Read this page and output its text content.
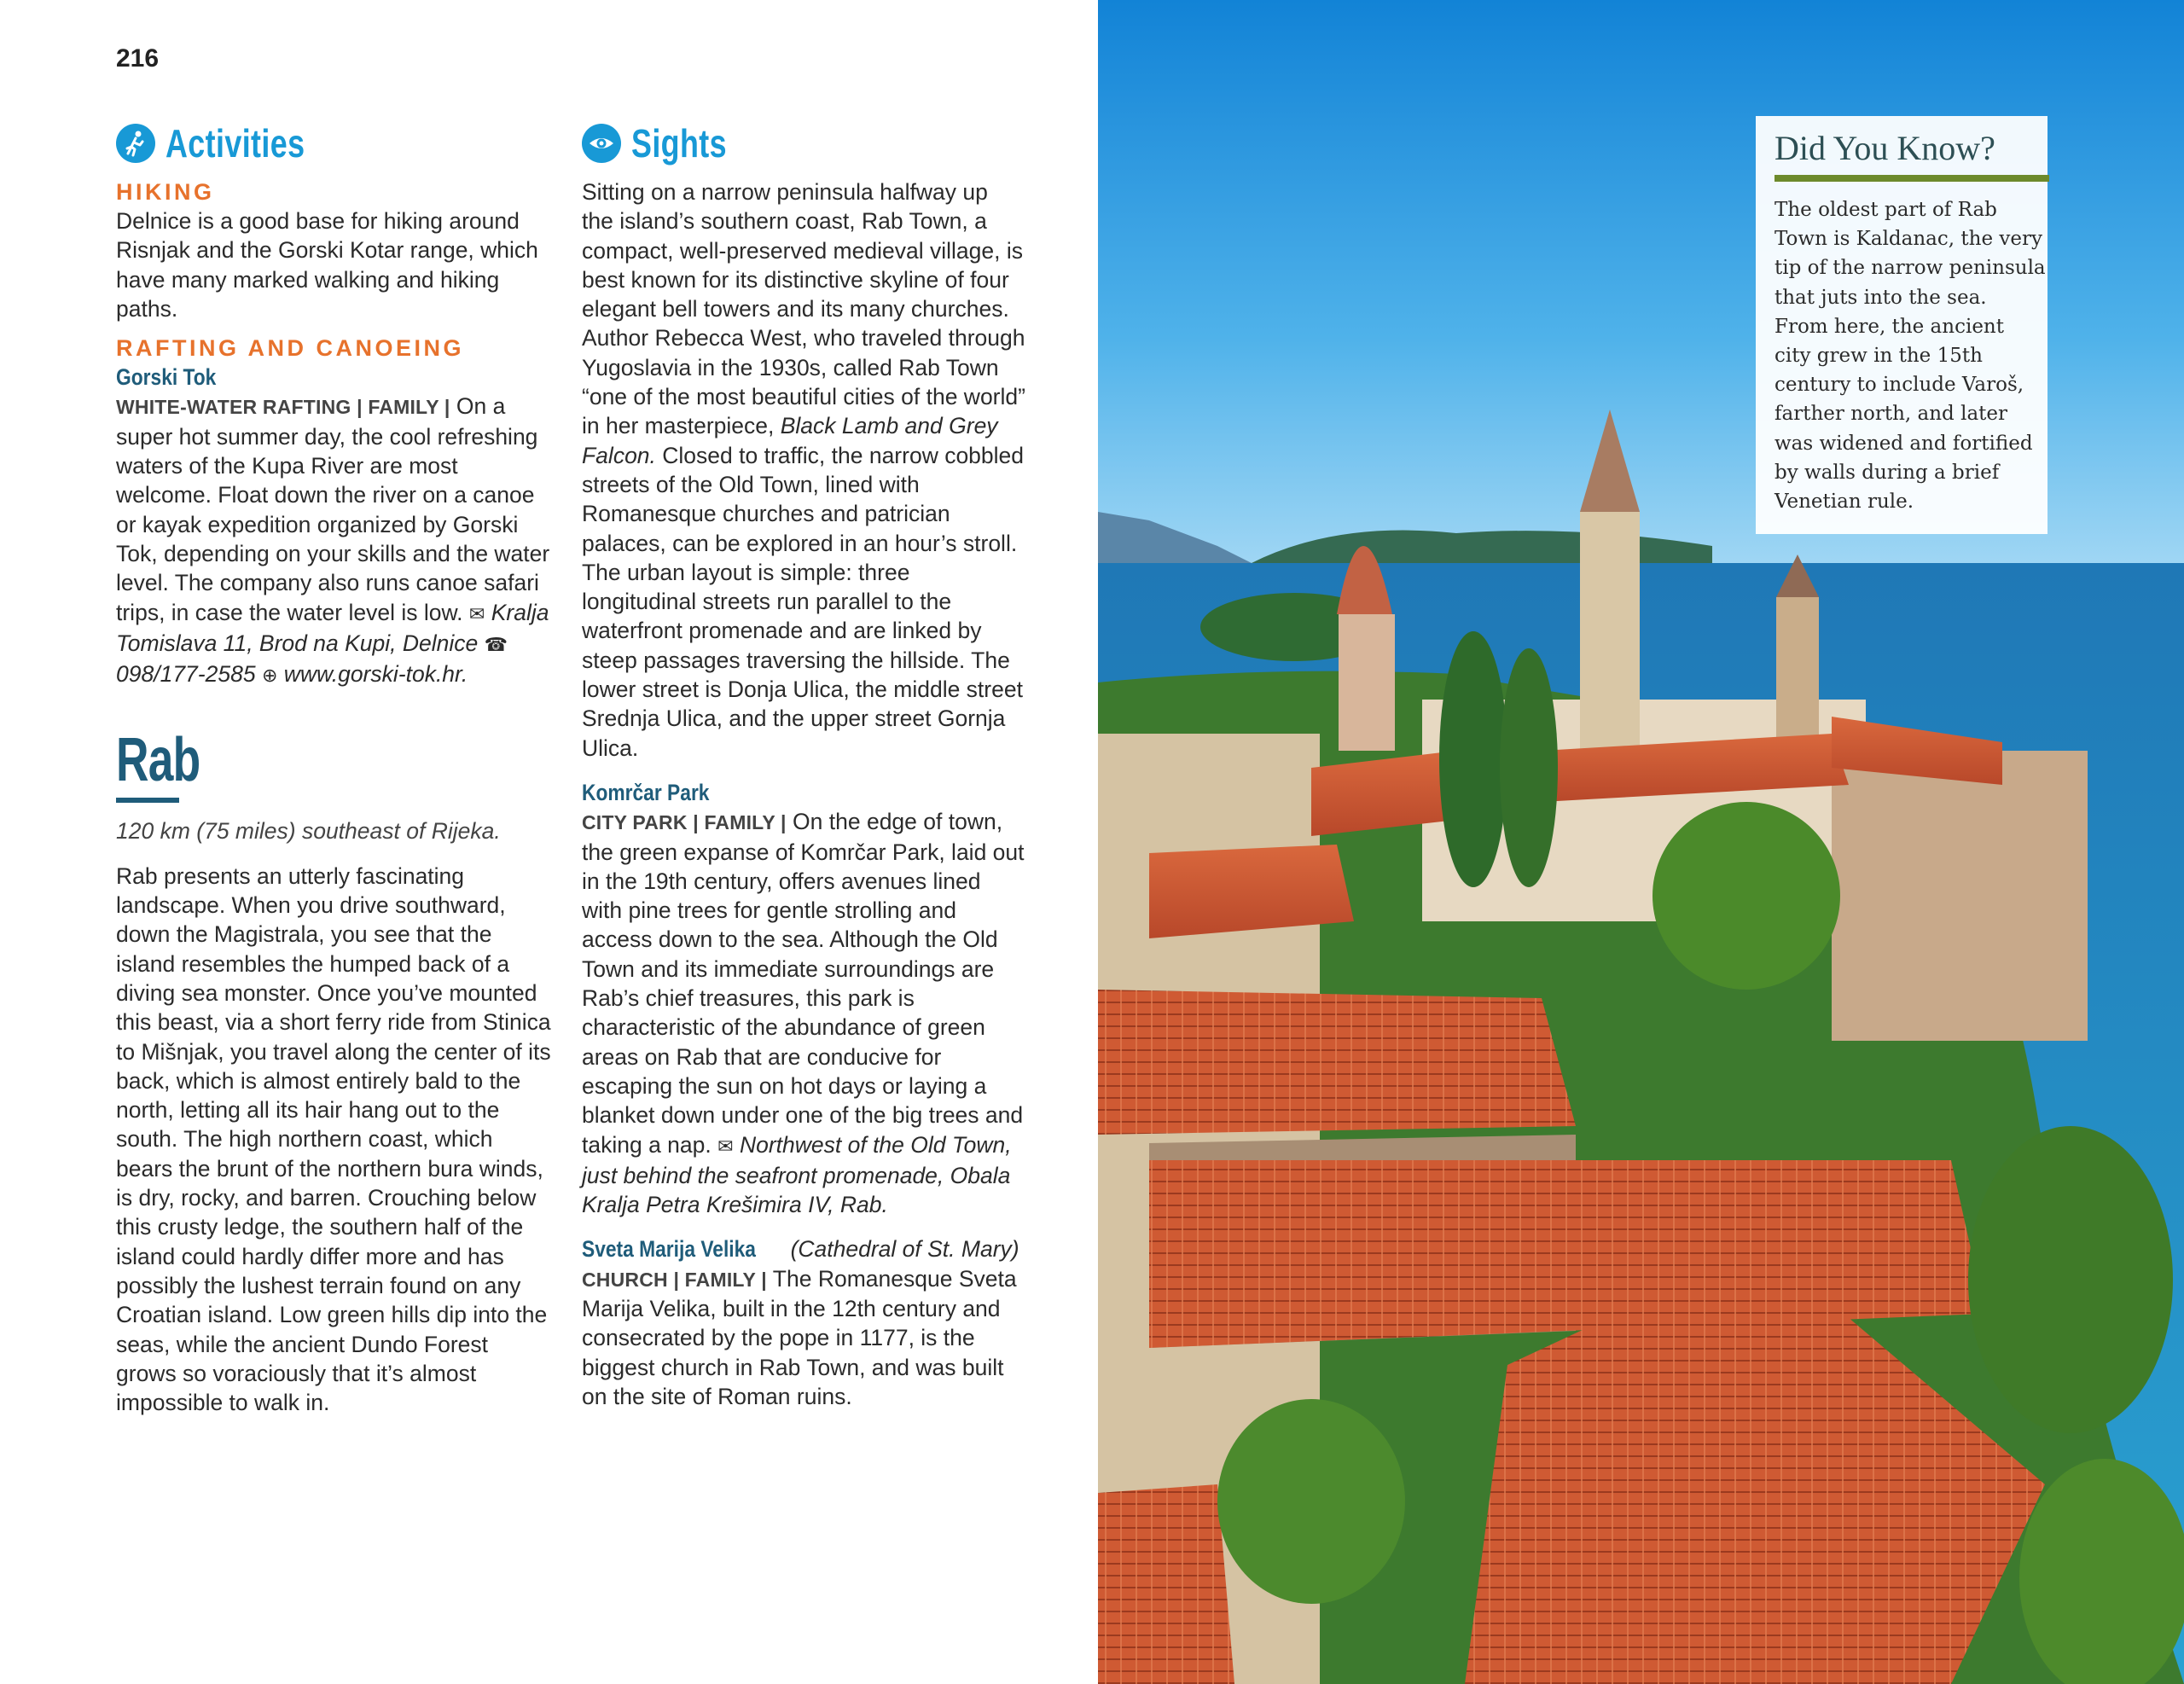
216
Activities
HIKING

Delnice is a good base for hiking around Risnjak and the Gorski Kotar range, which have many marked walking and hiking paths.

RAFTING AND CANOEING
Gorski Tok

WHITE-WATER RAFTING | FAMILY | On a super hot summer day, the cool refreshing waters of the Kupa River are most welcome. Float down the river on a canoe or kayak expedition organized by Gorski Tok, depending on your skills and the water level. The company also runs canoe safari trips, in case the water level is low. ✉ Kralja Tomislava 11, Brod na Kupi, Delnice ☎ 098/177-2585 ⊕ www.gorski-tok.hr.

Rab

120 km (75 miles) southeast of Rijeka.

Rab presents an utterly fascinating landscape. When you drive southward, down the Magistrala, you see that the island resembles the humped back of a diving sea monster. Once you’ve mounted this beast, via a short ferry ride from Stinica to Mišnjak, you travel along the center of its back, which is almost entirely bald to the north, letting all its hair hang out to the south. The high northern coast, which bears the brunt of the northern bura winds, is dry, rocky, and barren. Crouching below this crusty ledge, the southern half of the island could hardly differ more and has possibly the lushest terrain found on any Croatian island. Low green hills dip into the seas, while the ancient Dundo Forest grows so voraciously that it’s almost impossible to walk in.

Sights

Sitting on a narrow peninsula halfway up the island’s southern coast, Rab Town, a compact, well-preserved medieval village, is best known for its distinctive skyline of four elegant bell towers and its many churches. Author Rebecca West, who traveled through Yugoslavia in the 1930s, called Rab Town “one of the most beautiful cities of the world” in her masterpiece, Black Lamb and Grey Falcon. Closed to traffic, the narrow cobbled streets of the Old Town, lined with Romanesque churches and patrician palaces, can be explored in an hour’s stroll. The urban layout is simple: three longitudinal streets run parallel to the waterfront promenade and are linked by steep passages traversing the hillside. The lower street is Donja Ulica, the middle street Srednja Ulica, and the upper street Gornja Ulica.

Komrčar Park

CITY PARK | FAMILY | On the edge of town, the green expanse of Komrčar Park, laid out in the 19th century, offers avenues lined with pine trees for gentle strolling and access down to the sea. Although the Old Town and its immediate surroundings are Rab’s chief treasures, this park is characteristic of the abundance of green areas on Rab that are conducive for escaping the sun on hot days or laying a blanket down under one of the big trees and taking a nap. ✉ Northwest of the Old Town, just behind the seafront promenade, Obala Kralja Petra Krešimira IV, Rab.

Sveta Marija Velika (Cathedral of St. Mary)

CHURCH | FAMILY | The Romanesque Sveta Marija Velika, built in the 12th century and consecrated by the pope in 1177, is the biggest church in Rab Town, and was built on the site of Roman ruins.

Did You Know?
The oldest part of Rab Town is Kaldanac, the very tip of the narrow peninsula that juts into the sea. From here, the ancient city grew in the 15th century to include Varoš, farther north, and later was widened and fortified by walls during a brief Venetian rule.
